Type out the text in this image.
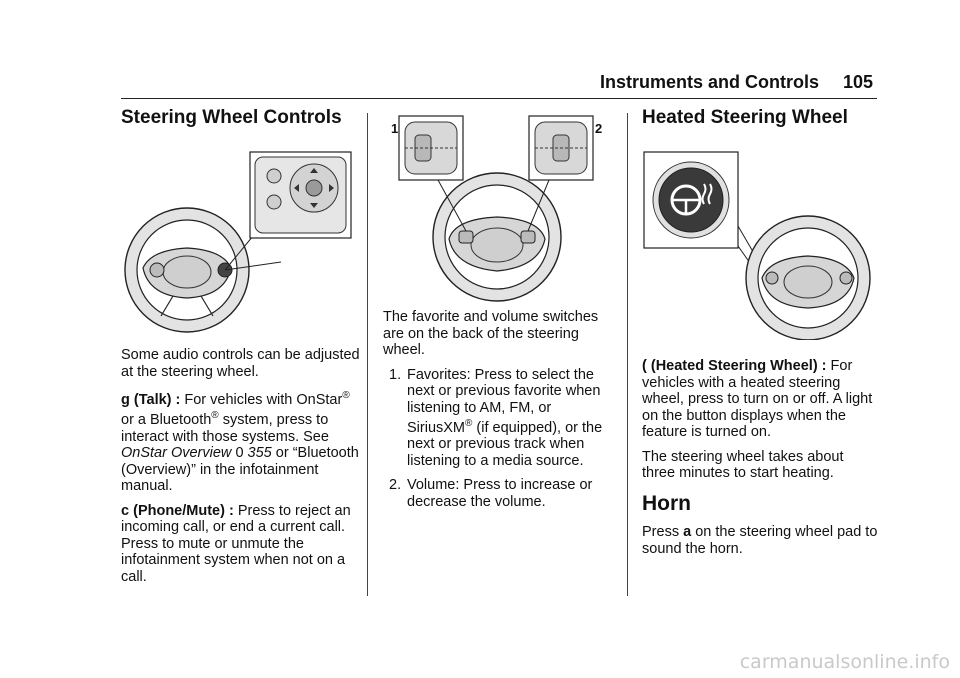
Instruments and Controls 105
Steering Wheel Controls

Some audio controls can be adjusted at the steering wheel.

g (Talk) : For vehicles with OnStar® or a Bluetooth® system, press to interact with those systems. See OnStar Overview 0 355 or “Bluetooth (Overview)” in the infotainment manual.

c (Phone/Mute) : Press to reject an incoming call, or end a current call. Press to mute or unmute the infotainment system when not on a call.

1	2

The favorite and volume switches are on the back of the steering wheel.

1. Favorites: Press to select the next or previous favorite when listening to AM, FM, or SiriusXM® (if equipped), or the next or previous track when listening to a media source.
2. Volume: Press to increase or decrease the volume.
Heated Steering Wheel

( (Heated Steering Wheel) : For vehicles with a heated steering wheel, press to turn on or off. A light on the button displays when the feature is turned on.

The steering wheel takes about three minutes to start heating.

Horn

Press a on the steering wheel pad to sound the horn.

carmanualsonline.info
